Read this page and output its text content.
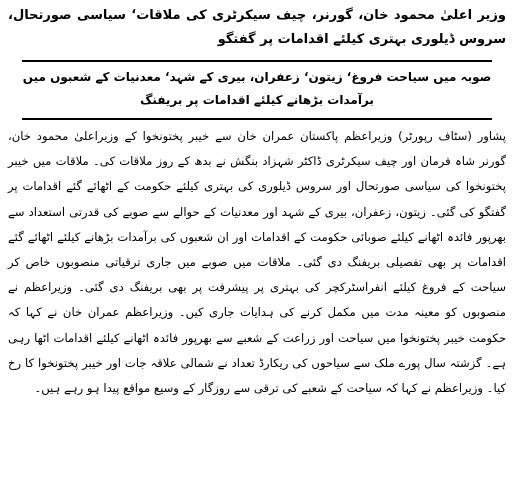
وزیر اعلیٰ محمود خان، گورنر، چیف سیکرٹری کی ملاقات‘ سیاسی صورتحال، سروس ڈیلوری بہتری کیلئے اقدامات پر گفتگو
صوبہ میں سیاحت فروغ‘ زیتون‘ زعفران، بیری کے شہد‘ معدنیات کے شعبوں میں برآمدات بڑھانے کیلئے اقدامات پر بریفنگ

پشاور (سٹاف رپورٹر) وزیراعظم پاکستان عمران خان سے خیبر پختونخوا کے وزیراعلیٰ محمود خان، گورنر شاہ فرمان اور چیف سیکرٹری ڈاکٹر شہزاد بنگش نے بدھ کے روز ملاقات کی۔ ملاقات میں خیبر پختونخوا کی سیاسی صورتحال اور سروس ڈیلوری کی بہتری کیلئے حکومت کے اٹھائے گئے اقدامات پر گفتگو کی گئی۔ زیتون، زعفران، بیری کے شہد اور معدنیات کے حوالے سے صوبے کی قدرتی استعداد سے بھرپور فائدہ اٹھانے کیلئے صوبائی حکومت کے اقدامات اور ان شعبوں کی برآمدات بڑھانے کیلئے اٹھائے گئے اقدامات پر بھی تفصیلی بریفنگ دی گئی۔ ملاقات میں صوبے میں جاری ترقیاتی منصوبوں خاص کر سیاحت کے فروغ کیلئے انفراسٹرکچر کی بہتری پر پیشرفت پر بھی بریفنگ دی گئی۔ وزیراعظم نے منصوبوں کو معینہ مدت میں مکمل کرنے کی ہدایات جاری کیں۔ وزیراعظم عمران خان نے کہا کہ حکومت خیبر پختونخوا میں سیاحت اور زراعت کے شعبے سے بھرپور فائدہ اٹھانے کیلئے اقدامات اٹھا رہی ہے۔ گزشتہ سال پورے ملک سے سیاحوں کی ریکارڈ تعداد نے شمالی علاقہ جات اور خیبر پختونخوا کا رخ کیا۔ وزیراعظم نے کہا کہ سیاحت کے شعبے کی ترقی سے روزگار کے وسیع مواقع پیدا ہو رہے ہیں۔
